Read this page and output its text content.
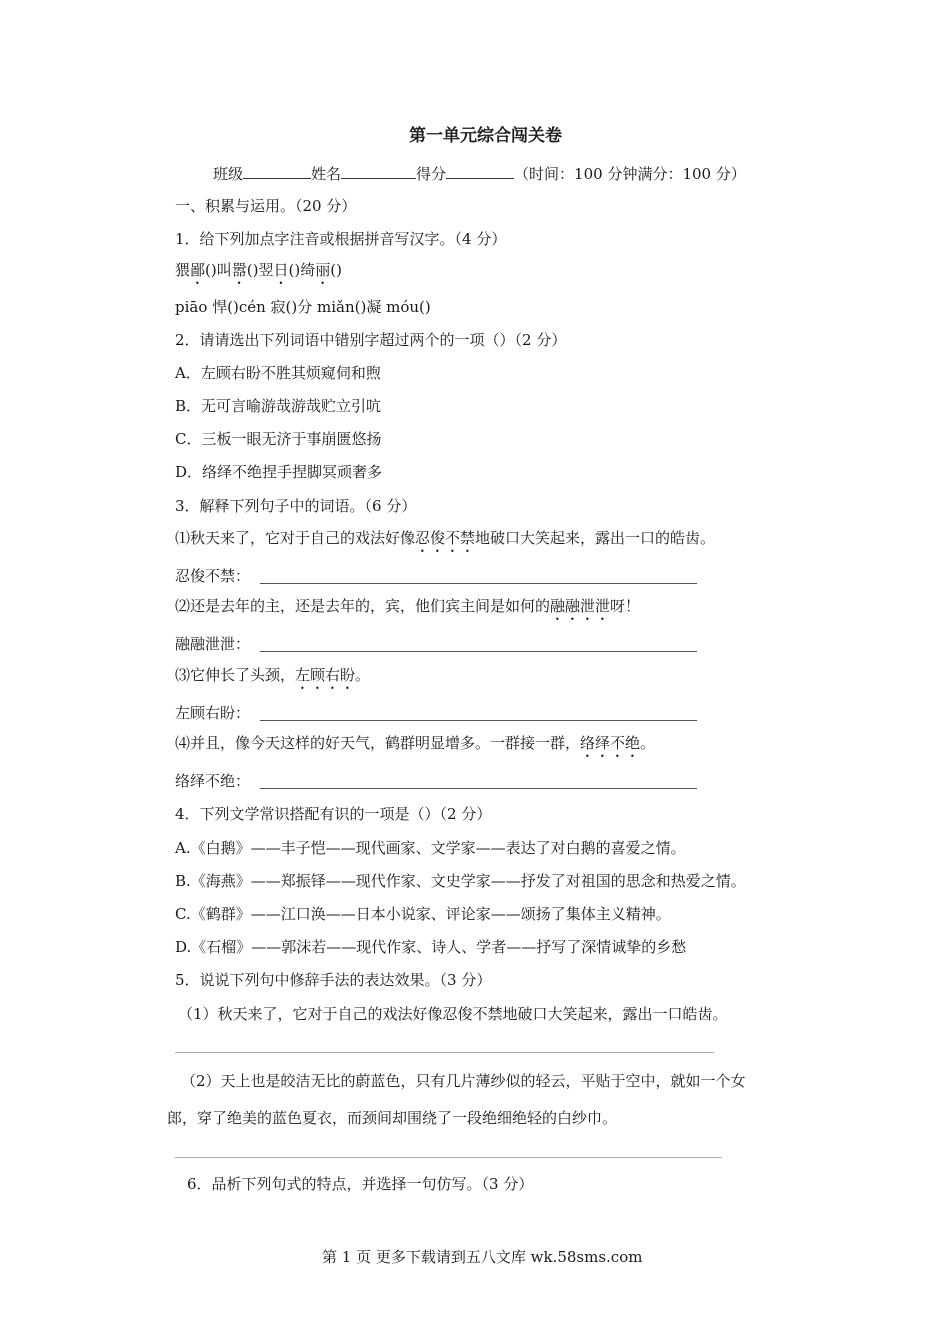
第一单元综合闯关卷
班级	姓名	得分	（时间：100 分钟满分：100 分）
一、积累与运用。（20 分）
1．给下列加点字注音或根据拼音写汉字。（4 分）
猥鄙()叫嚣()翌日()绮丽()
piāo 悍()cén 寂()分 miǎn()凝 móu()
2．请请选出下列词语中错别字超过两个的一项（）（2 分）
A．左顾右盼不胜其烦窥伺和煦
B．无可言喻游哉游哉贮立引吭
C．三板一眼无济于事崩匮悠扬
D．络绎不绝捏手捏脚冥顽奢多
3．解释下列句子中的词语。（6 分）
⑴秋天来了，它对于自己的戏法好像忍俊不禁地破口大笑起来，露出一口的皓齿。
忍俊不禁：
⑵还是去年的主，还是去年的，宾，他们宾主间是如何的融融泄泄呀！
融融泄泄：
⑶它伸长了头颈，左顾右盼。
左顾右盼：
⑷并且，像今天这样的好天气，鹤群明显增多。一群接一群，络绎不绝。
络绎不绝：
4．下列文学常识搭配有识的一项是（）（2 分）
A.《白鹅》——丰子恺——现代画家、文学家——表达了对白鹅的喜爱之情。
B.《海燕》——郑振铎——现代作家、文史学家——抒发了对祖国的思念和热爱之情。
C.《鹤群》——江口涣——日本小说家、评论家——颂扬了集体主义精神。
D.《石榴》——郭沫若——现代作家、诗人、学者——抒写了深情诚挚的乡愁
5．说说下列句中修辞手法的表达效果。（3 分）
（1）秋天来了，它对于自己的戏法好像忍俊不禁地破口大笑起来，露出一口皓齿。
（2）天上也是皎洁无比的蔚蓝色，只有几片薄纱似的轻云，平贴于空中，就如一个女
郎，穿了绝美的蓝色夏衣，而颈间却围绕了一段绝细绝轻的白纱巾。
6．品析下列句式的特点，并选择一句仿写。（3 分）
第 1 页 更多下载请到五八文库 wk.58sms.com
